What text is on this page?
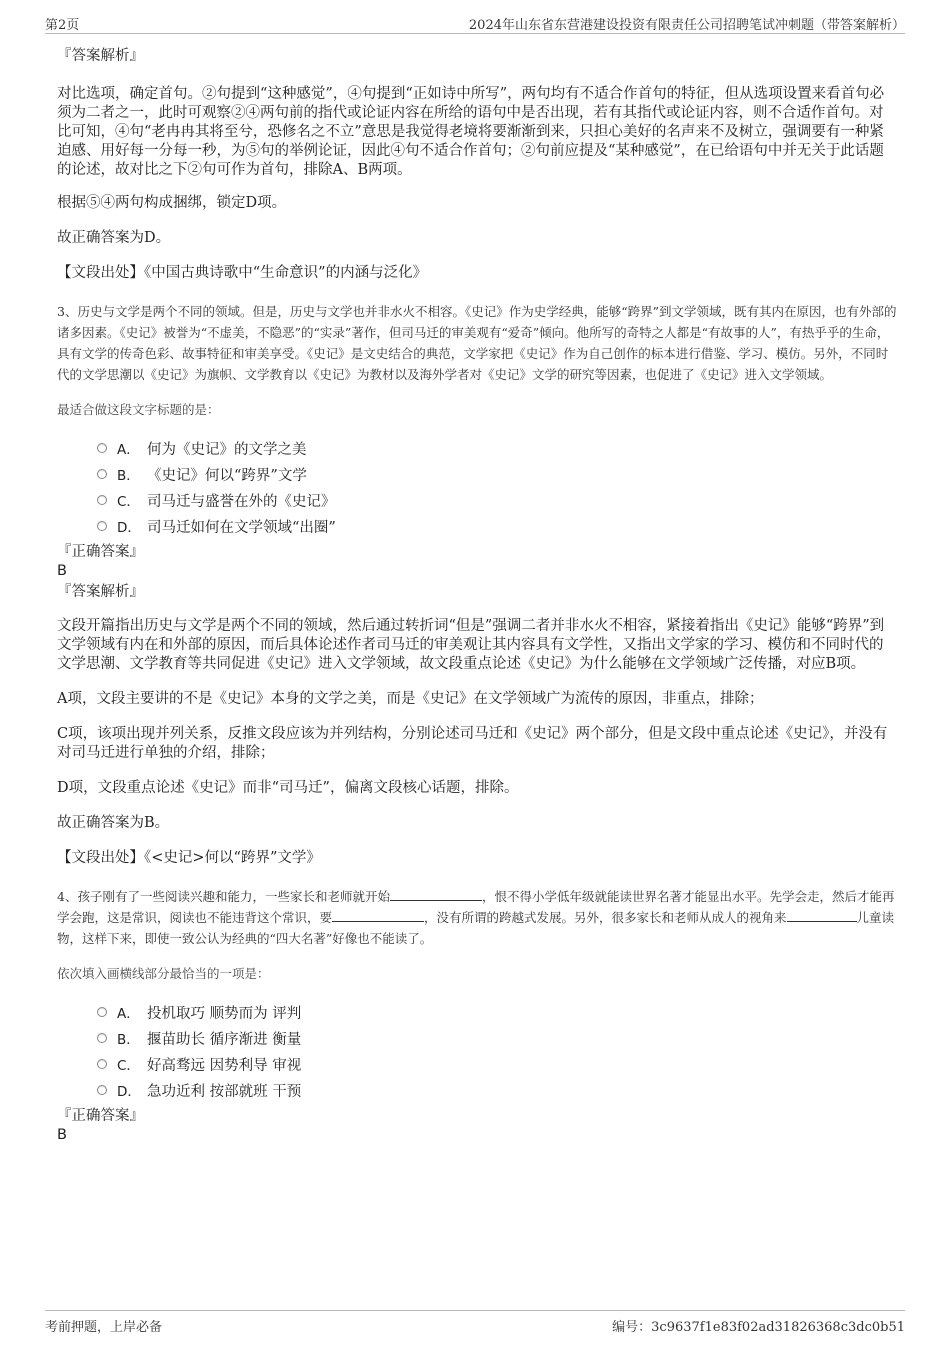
第2页	2024年山东省东营港建设投资有限责任公司招聘笔试冲刺题（带答案解析）
『答案解析』
对比选项，确定首句。②句提到“这种感觉”，④句提到“正如诗中所写”，两句均有不适合作首句的特征，但从选项设置来看首句必须为二者之一，此时可观察②④两句前的指代或论证内容在所给的语句中是否出现，若有其指代或论证内容，则不合适作首句。对比可知，④句“老冉冉其将至兮，恐修名之不立”意思是我觉得老境将要渐渐到来，只担心美好的名声来不及树立，强调要有一种紧迫感、用好每一分每一秒，为⑤句的举例论证，因此④句不适合作首句；②句前应提及“某种感觉”，在已给语句中并无关于此话题的论述，故对比之下②句可作为首句，排除A、B两项。
根据⑤④两句构成捆绑，锁定D项。
故正确答案为D。
【文段出处】《中国古典诗歌中“生命意识”的内涵与泛化》
3、历史与文学是两个不同的领域。但是，历史与文学也并非水火不相容。《史记》作为史学经典，能够“跨界”到文学领域，既有其内在原因，也有外部的诸多因素。《史记》被誉为“不虚美，不隐恶”的“实录”著作，但司马迁的审美观有“爱奇”倾向。他所写的奇特之人都是“有故事的人”，有热乎乎的生命，具有文学的传奇色彩、故事特征和审美享受。《史记》是文史结合的典范，文学家把《史记》作为自己创作的标本进行借鉴、学习、模仿。另外，不同时代的文学思潮以《史记》为旗帜、文学教育以《史记》为教材以及海外学者对《史记》文学的研究等因素，也促进了《史记》进入文学领域。
最适合做这段文字标题的是：
A． 何为《史记》的文学之美
B． 《史记》何以“跨界”文学
C． 司马迁与盛誉在外的《史记》
D． 司马迁如何在文学领域“出圈”
『正确答案』
B
『答案解析』
文段开篇指出历史与文学是两个不同的领域，然后通过转折词“但是”强调二者并非水火不相容，紧接着指出《史记》能够“跨界”到文学领域有内在和外部的原因，而后具体论述作者司马迁的审美观让其内容具有文学性，又指出文学家的学习、模仿和不同时代的文学思潮、文学教育等共同促进《史记》进入文学领域，故文段重点论述《史记》为什么能够在文学领域广泛传播，对应B项。
A项，文段主要讲的不是《史记》本身的文学之美，而是《史记》在文学领域广为流传的原因，非重点，排除；
C项，该项出现并列关系，反推文段应该为并列结构，分别论述司马迁和《史记》两个部分，但是文段中重点论述《史记》，并没有对司马迁进行单独的介绍，排除；
D项，文段重点论述《史记》而非“司马迁”，偏离文段核心话题，排除。
故正确答案为B。
【文段出处】《<史记>何以“跨界”文学》
4、孩子刚有了一些阅读兴趣和能力，一些家长和老师就开始	，恨不得小学低年级就能读世界名著才能显出水平。先学会走，然后才能再学会跑，这是常识，阅读也不能违背这个常识，要	，没有所谓的跨越式发展。另外，很多家长和老师从成人的视角来	儿童读物，这样下来，即使一致公认为经典的“四大名著”好像也不能读了。
依次填入画横线部分最恰当的一项是：
A． 投机取巧 顺势而为 评判
B． 揠苗助长 循序渐进 衡量
C． 好高骛远 因势利导 审视
D． 急功近利 按部就班 干预
『正确答案』
B
考前押题，上岸必备	编号：3c9637f1e83f02ad31826368c3dc0b51
